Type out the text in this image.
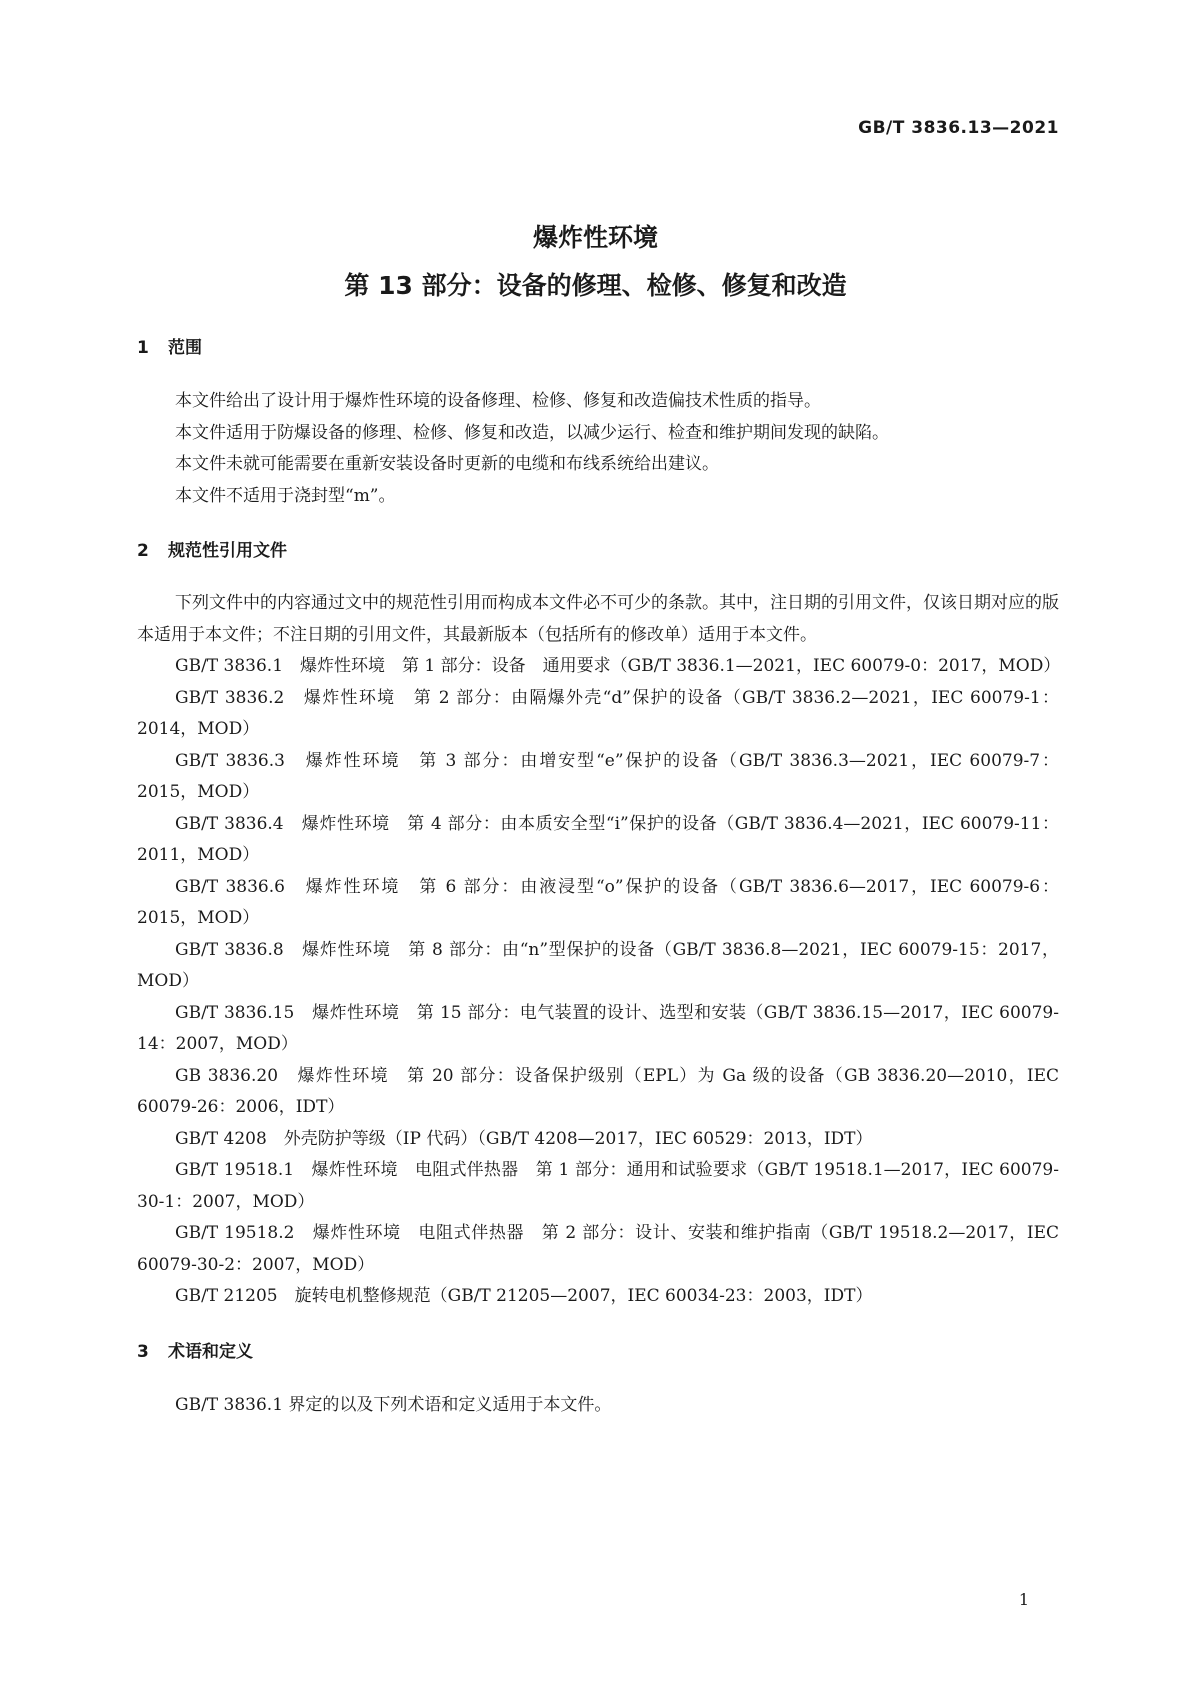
GB/T 3836.13—2021
爆炸性环境
第 13 部分：设备的修理、检修、修复和改造
1 范围

本文件给出了设计用于爆炸性环境的设备修理、检修、修复和改造偏技术性质的指导。

本文件适用于防爆设备的修理、检修、修复和改造，以减少运行、检查和维护期间发现的缺陷。

本文件未就可能需要在重新安装设备时更新的电缆和布线系统给出建议。

本文件不适用于浇封型“m”。

2 规范性引用文件

下列文件中的内容通过文中的规范性引用而构成本文件必不可少的条款。其中，注日期的引用文件，仅该日期对应的版本适用于本文件；不注日期的引用文件，其最新版本（包括所有的修改单）适用于本文件。

GB/T 3836.1　爆炸性环境　第 1 部分：设备　通用要求（GB/T 3836.1—2021，IEC 60079-0：2017，MOD）

GB/T 3836.2　爆炸性环境　第 2 部分：由隔爆外壳“d”保护的设备（GB/T 3836.2—2021，IEC 60079-1：2014，MOD）

GB/T 3836.3　爆炸性环境　第 3 部分：由增安型“e”保护的设备（GB/T 3836.3—2021，IEC 60079-7：2015，MOD）

GB/T 3836.4　爆炸性环境　第 4 部分：由本质安全型“i”保护的设备（GB/T 3836.4—2021，IEC 60079-11：2011，MOD）

GB/T 3836.6　爆炸性环境　第 6 部分：由液浸型“o”保护的设备（GB/T 3836.6—2017，IEC 60079-6：2015，MOD）

GB/T 3836.8　爆炸性环境　第 8 部分：由“n”型保护的设备（GB/T 3836.8—2021，IEC 60079-15：2017，MOD）

GB/T 3836.15　爆炸性环境　第 15 部分：电气装置的设计、选型和安装（GB/T 3836.15—2017，IEC 60079-14：2007，MOD）

GB 3836.20　爆炸性环境　第 20 部分：设备保护级别（EPL）为 Ga 级的设备（GB 3836.20—2010，IEC 60079-26：2006，IDT）

GB/T 4208　外壳防护等级（IP 代码）（GB/T 4208—2017，IEC 60529：2013，IDT）

GB/T 19518.1　爆炸性环境　电阻式伴热器　第 1 部分：通用和试验要求（GB/T 19518.1—2017，IEC 60079-30-1：2007，MOD）

GB/T 19518.2　爆炸性环境　电阻式伴热器　第 2 部分：设计、安装和维护指南（GB/T 19518.2—2017，IEC 60079-30-2：2007，MOD）

GB/T 21205　旋转电机整修规范（GB/T 21205—2007，IEC 60034-23：2003，IDT）

3 术语和定义

GB/T 3836.1 界定的以及下列术语和定义适用于本文件。

1
